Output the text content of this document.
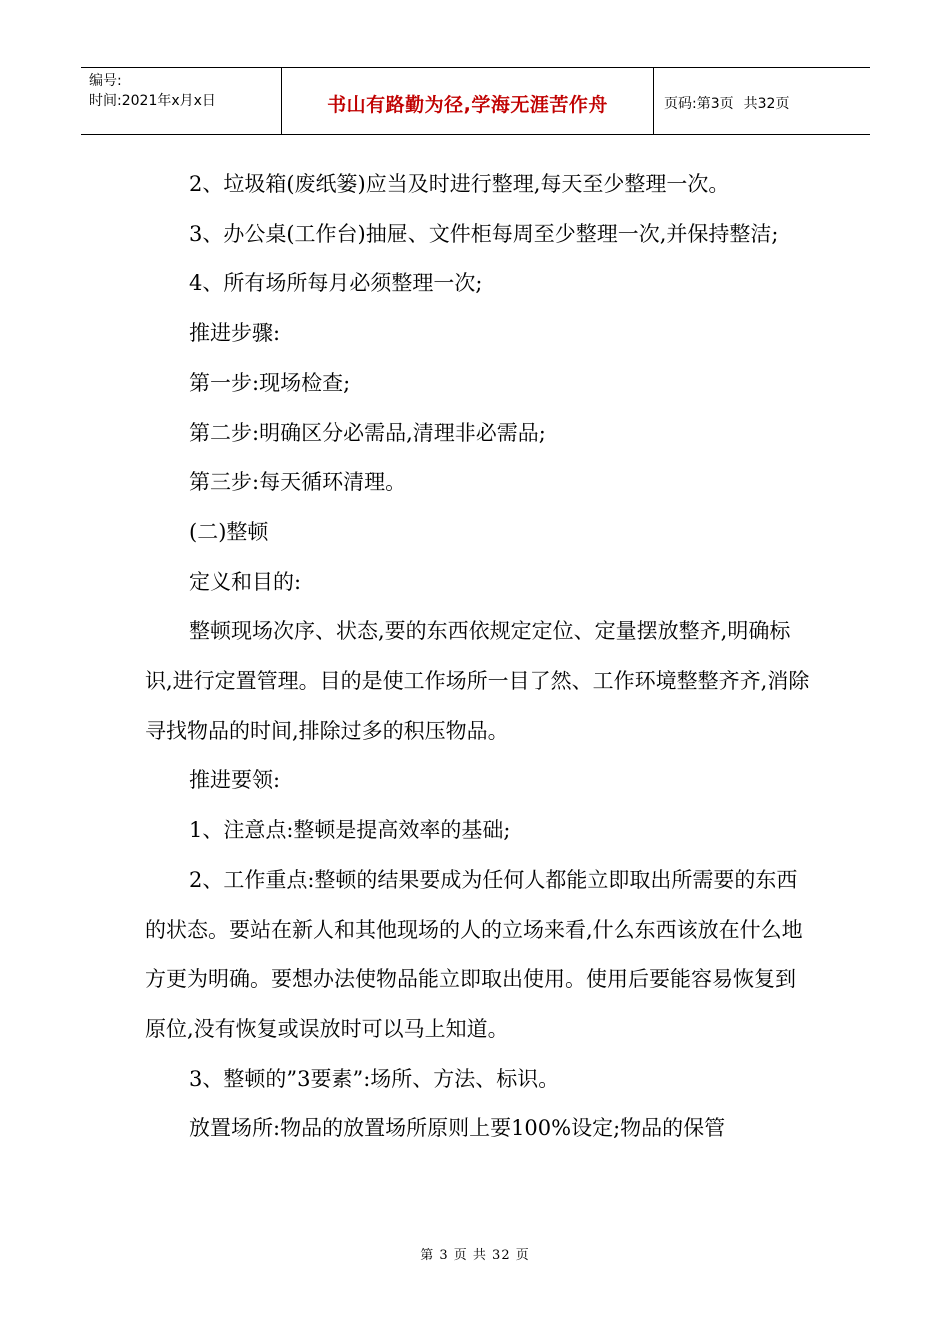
编号:
时间:2021年x月x日	书山有路勤为径,学海无涯苦作舟	页码:第3页 共32页

2、垃圾箱(废纸篓)应当及时进行整理,每天至少整理一次。

3、办公桌(工作台)抽屉、文件柜每周至少整理一次,并保持整洁;

4、所有场所每月必须整理一次;

推进步骤:

第一步:现场检查;

第二步:明确区分必需品,清理非必需品;

第三步:每天循环清理。

(二)整顿

定义和目的:

整顿现场次序、状态,要的东西依规定定位、定量摆放整齐,明确标识,进行定置管理。目的是使工作场所一目了然、工作环境整整齐齐,消除寻找物品的时间,排除过多的积压物品。

推进要领:

1、注意点:整顿是提高效率的基础;

2、工作重点:整顿的结果要成为任何人都能立即取出所需要的东西的状态。要站在新人和其他现场的人的立场来看,什么东西该放在什么地方更为明确。要想办法使物品能立即取出使用。使用后要能容易恢复到原位,没有恢复或误放时可以马上知道。

3、整顿的”3要素”:场所、方法、标识。

放置场所:物品的放置场所原则上要100%设定;物品的保管

第 3 页 共 32 页
